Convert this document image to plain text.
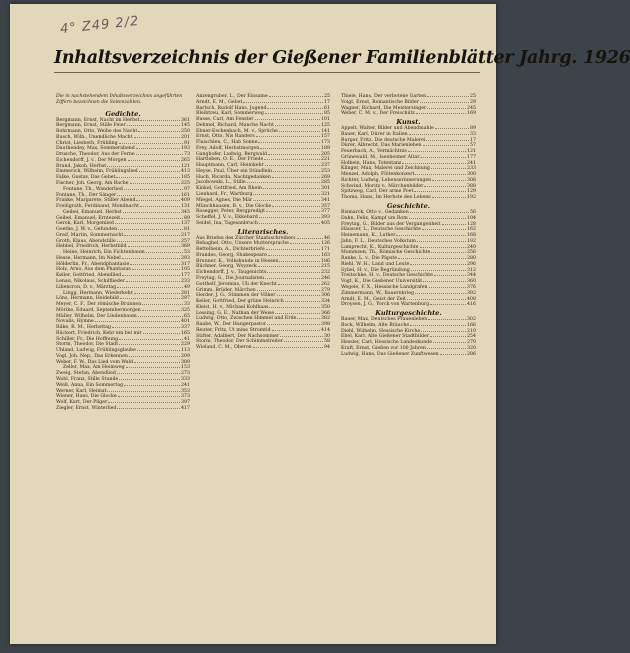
4° Z49 2/2
Inhaltsverzeichnis der Gießener Familienblätter Jahrg. 1926
Die in nachstehendem Inhaltsverzeichnis angeführten Ziffern bezeichnen die Seitenzahlen.
Gedichte.
Bergmann, Ernst, Nacht im Herbst	361
Bergmann, Ernst, Stille Feier	145
Bohrmann, Otto, Weihe des Nacht	250
Busch, Wilh., Unendliche Macht	201
Christ, Liesbeth, Frühling	91
Dauthendey, Max, Sommerabend	193
Drusche, Theodor, Aus der Ferne	73
Eichendorff, J. v., Der Morgen	265
Brand, Jakob, Herbst	121
Emmerich, Wilhelm, Frühlingslied	413
Falke, Gustav, Das Gebet	185
Fischer, Joh. Georg, Am Bache	225
Fontane, Th., Wanderlied	97
Fontane, Th., Der Sänger	161
Franke, Margarete, Stiller Abend	409
Freiligrath, Ferdinand, Mondnacht	131
Geibel, Emanuel, Herbst	345
Geibel, Emanuel, Erntezeit	89
Gerok, Karl, Morgenlied	137
Goethe, J. W. v., Gefunden	81
Greif, Martin, Sommernacht	217
Groth, Klaus, Abendstille	257
Hebbel, Friedrich, Herbstbild	369
Heine, Heinrich, Ein Fichtenbaum	53
Hesse, Hermann, Im Nebel	293
Hölderlin, Fr., Abendphantasie	317
Holz, Arno, Aus dem Phantasus	105
Keller, Gottfried, Abendlied	177
Lenau, Nikolaus, Schilflieder	233
Liliencron, D. v., Märztag	49
Lingg, Hermann, Wiederkehr	281
Löns, Hermann, Heidebild	297
Meyer, C. F., Der römische Brunnen	33
Mörike, Eduard, Septembermorgen	325
Müller, Wilhelm, Der Lindenbaum	65
Novalis, Hymne	401
Rilke, R. M., Herbsttag	337
Rückert, Friedrich, Kehr ein bei mir	165
Schiller, Fr., Die Hoffnung	41
Storm, Theodor, Die Stadt	229
Uhland, Ludwig, Frühlingsglaube	113
Vogl, Joh. Nep., Das Erkennen	209
Weber, F. W., Das Lied vom Wald	389
Zeller, Max, Am Heimweg	153
Zweig, Stefan, Abendlied	273
Wahl, Franz, Stille Stunde	333
Weiß, Anna, Ein Sommertag	241
Werner, Karl, Heimat	353
Wiener, Hans, Die Glocke	373
Wolf, Kurt, Der Pilger	397
Ziegler, Ernst, Winterlied	417
Anzengruber, L., Der Einsame	25
Arndt, E. M., Gebet	17
Bartsch, Rudolf Hans, Jugend	61
Bleibtreu, Karl, Sommerweg	85
Busse, Carl, Am Fenster	101
Dehmel, Richard, Manche Nacht	125
Ebner-Eschenbach, M. v., Sprüche	141
Ernst, Otto, Nis Randers	157
Flaischlen, C., Hab Sonne	173
Frey, Adolf, Herbstmorgen	189
Ganghofer, Ludwig, Bergwald	205
Hartleben, O. E., Der Friede	221
Hauptmann, Carl, Heimkehr	237
Heyse, Paul, Über ein Stündlein	253
Huch, Ricarda, Nachtgedanken	269
Jacobowski, L., Stille	285
Kinkel, Gottfried, Am Rhein	301
Lienhard, Fr., Wartburg	321
Miegel, Agnes, Die Mär	341
Münchhausen, B. v., Die Glocke	357
Rosegger, Peter, Bergpredigt	377
Scheffel, J. V. v., Ekkehard	393
Seidel, Ina, Tagesanbruch	405
Literarisches.
Aus Briefen des Zürcher Staatsschreibers	46
Behaghel, Otto, Unsere Muttersprache	126
Bettelheim, A., Dichterbriefe	171
Brandes, Georg, Shakespeare	163
Brunner, K., Volkskunde in Hessen	186
Büchner, Georg, Woyzeck	215
Eichendorff, J. v., Taugenichts	232
Freytag, G., Die Journalisten	246
Gotthelf, Jeremias, Uli der Knecht	262
Grimm, Brüder, Märchen	279
Herder, J. G., Stimmen der Völker	306
Keller, Gottfried, Der grüne Heinrich	334
Kleist, H. v., Michael Kohlhaas	350
Lessing, G. E., Nathan der Weise	366
Ludwig, Otto, Zwischen Himmel und Erde	382
Raabe, W., Der Hungerpastor	398
Reuter, Fritz, Ut mine Stromtid	414
Stifter, Adalbert, Der Nachsommer	30
Storm, Theodor, Der Schimmelreiter	58
Wieland, C. M., Oberon	94
Thiele, Hans, Der verbotene Garten	25
Voigt, Ernst, Romantische Bilder	29
Wagner, Richard, Die Meistersinger	245
Weber, C. M. v., Der Freischütz	169
Kunst.
Appelt, Walter, Bilder und Abendmahle	89
Bauer, Karl, Dürer in Italien	33
Burger, Fritz, Die deutsche Malerei	17
Dürer, Albrecht, Das Marienleben	57
Feuerbach, A., Vermächtnis	121
Grünewald, M., Isenheimer Altar	177
Holbein, Hans, Totentanz	241
Klinger, Max, Malerei und Zeichnung	233
Menzel, Adolph, Flötenkonzert	300
Richter, Ludwig, Lebenserinnerungen	308
Schwind, Moritz v., Märchenbilder	388
Spitzweg, Carl, Der arme Poet	129
Thoma, Hans, Im Herbste des Lebens	192
Geschichte.
Bismarck, Otto v., Gedanken	56
Dahn, Felix, Kampf um Rom	104
Freytag, G., Bilder aus der Vergangenheit	128
Häusser, L., Deutsche Geschichte	162
Heinemann, K., Luther	168
Jahn, F. L., Deutsches Volkstum	192
Lamprecht, K., Kulturgeschichte	240
Mommsen, Th., Römische Geschichte	256
Ranke, L. v., Die Päpste	280
Riehl, W. H., Land und Leute	296
Sybel, H. v., Die Begründung	312
Treitschke, H. v., Deutsche Geschichte	344
Vogt, K., Die Gießener Universität	360
Wegele, F. X., Hessische Landgrafen	376
Zimmermann, W., Bauernkrieg	392
Arndt, E. M., Geist der Zeit	408
Droysen, J. G., Yorck von Wartenburg	416
Kulturgeschichte.
Bauer, Max, Deutsches Frauenleben	302
Bock, Wilhelm, Alte Bräuche	166
Diehl, Wilhelm, Hessische Kirche	210
Ebel, Karl, Alte Gießener Stadtbilder	254
Hessler, Carl, Hessische Landeskunde	270
Kraft, Ernst, Gießen vor 100 Jahren	320
Ludwig, Hans, Das Gießener Zunftwesen	286
